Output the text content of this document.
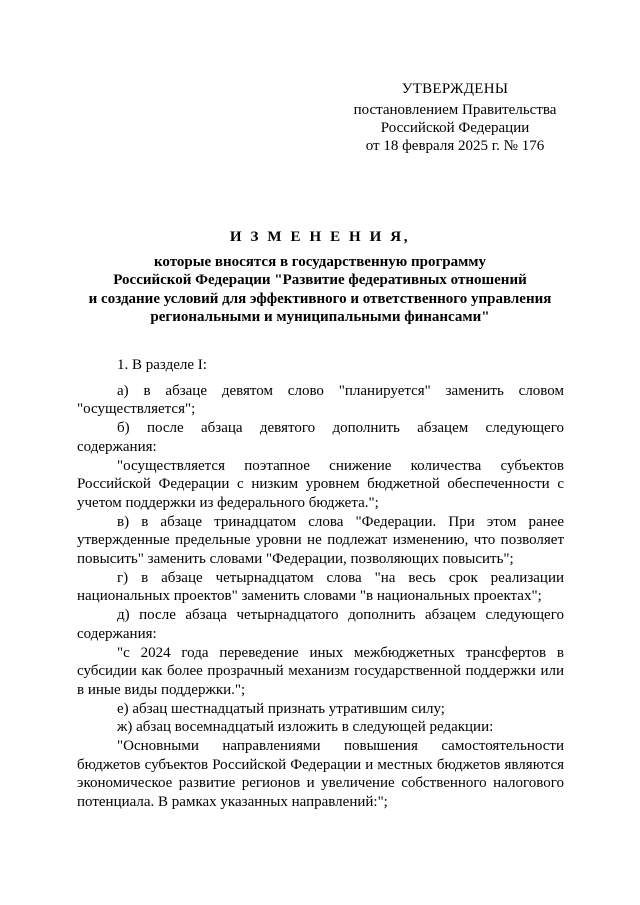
УТВЕРЖДЕНЫ
постановлением Правительства
Российской Федерации
от 18 февраля 2025 г. № 176
И З М Е Н Е Н И Я,
которые вносятся в государственную программу
Российской Федерации "Развитие федеративных отношений
и создание условий для эффективного и ответственного управления
региональными и муниципальными финансами"

1. В разделе I:

а) в абзаце девятом слово "планируется" заменить словом "осуществляется";

б) после абзаца девятого дополнить абзацем следующего содержания:

"осуществляется поэтапное снижение количества субъектов Российской Федерации с низким уровнем бюджетной обеспеченности с учетом поддержки из федерального бюджета.";

в) в абзаце тринадцатом слова "Федерации. При этом ранее утвержденные предельные уровни не подлежат изменению, что позволяет повысить" заменить словами "Федерации, позволяющих повысить";

г) в абзаце четырнадцатом слова "на весь срок реализации национальных проектов" заменить словами "в национальных проектах";

д) после абзаца четырнадцатого дополнить абзацем следующего содержания:

"с 2024 года переведение иных межбюджетных трансфертов в субсидии как более прозрачный механизм государственной поддержки или в иные виды поддержки.";

е) абзац шестнадцатый признать утратившим силу;

ж) абзац восемнадцатый изложить в следующей редакции:

"Основными направлениями повышения самостоятельности бюджетов субъектов Российской Федерации и местных бюджетов являются экономическое развитие регионов и увеличение собственного налогового потенциала. В рамках указанных направлений:";
